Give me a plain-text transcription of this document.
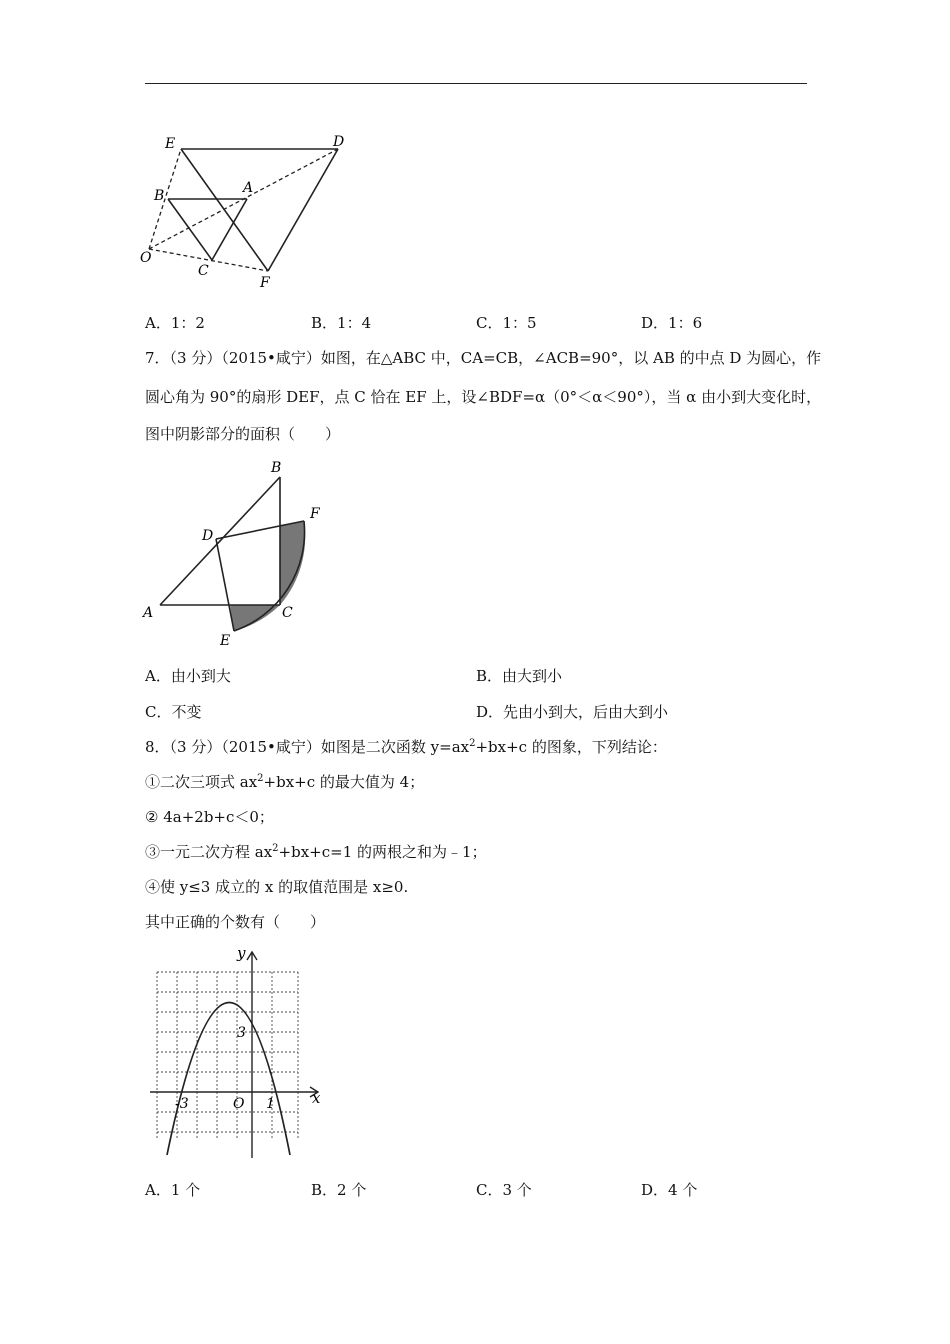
E	D
B	A
O
C
F
A．1：2	B．1：4	C．1：5	D．1：6
7．（3 分）（2015•咸宁）如图，在△ABC 中，CA=CB，∠ACB=90°，以 AB 的中点 D 为圆心，作
圆心角为 90°的扇形 DEF，点 C 恰在 EF 上，设∠BDF=α（0°＜α＜90°），当 α 由小到大变化时，
图中阴影部分的面积（　　）
B
F
D
A	C
E
A．由小到大	B．由大到小
C．不变	D．先由小到大，后由大到小
8．（3 分）（2015•咸宁）如图是二次函数 $y=ax^2+bx+c$ 的图象，下列结论：
①二次三项式 $ax^2+bx+c$ 的最大值为 4；
② 4a+2b+c＜0；
③一元二次方程 $ax^2+bx+c=1$ 的两根之和为﹣1；
④使 y≤3 成立的 x 的取值范围是 x≥0.
其中正确的个数有（　　）
y
x
3
-3	O 1
A．1 个	B．2 个	C．3 个	D．4 个
